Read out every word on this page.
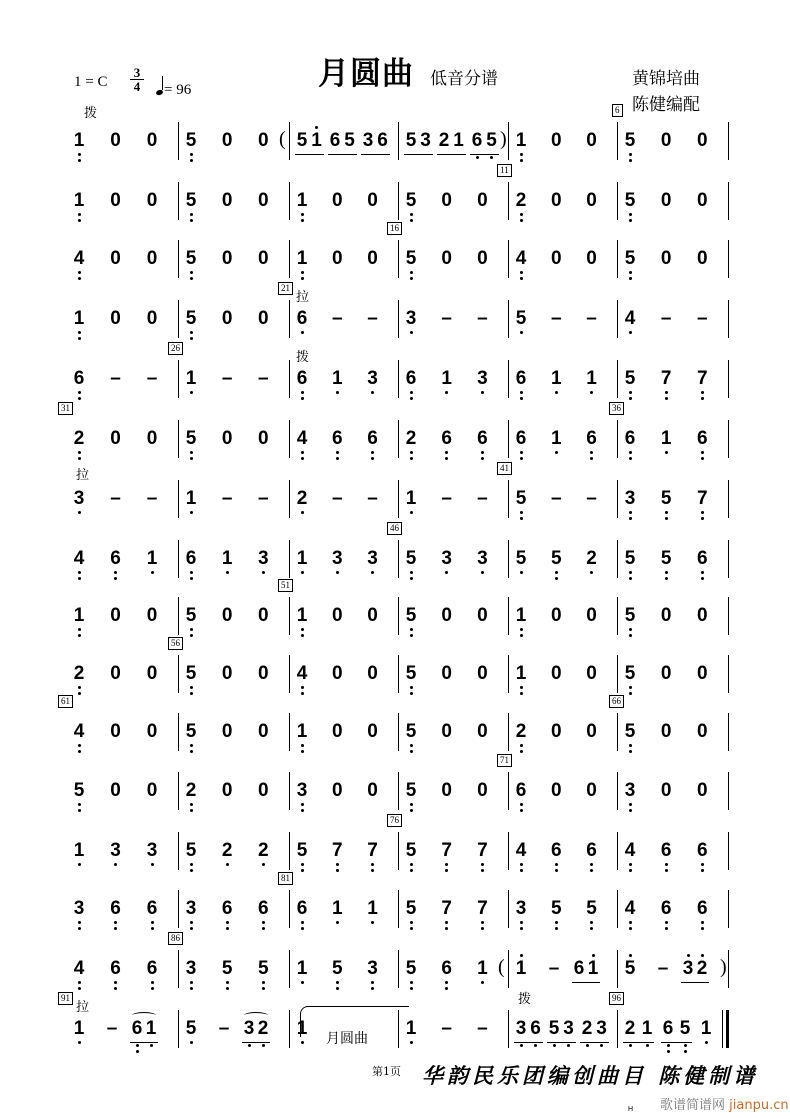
1 = C
3
4	= 96	月圆曲 低音分谱	黄锦培曲
陈健编配
1 0 0 5 0 0 ( 5 1 6 5 3 6 5 3 2 1 6 5 ) 1 0 0 5 0 0
6
拨
1 0 0 5 0 0 1 0 0 5 0 0 2 0 0 5 0 0
11
4 0 0 5 0 0 1 0 0 5 0 0 4 0 0 5 0 0
16
1 0 0 5 0 0 6 – – 3 – – 5 – – 4 – –
21
拉
6 – – 1 – – 6 1 3 6 1 3 6 1 1 5 7 7
26
拨
2 0 0 5 0 0 4 6 6 2 6 6 6 1 6 6 1 6
31	36
3 – – 1 – – 2 – – 1 – – 5 – – 3 5 7
41
拉
4 6 1 6 1 3 1 3 3 5 3 3 5 5 2 5 5 6
46
1 0 0 5 0 0 1 0 0 5 0 0 1 0 0 5 0 0
51
2 0 0 5 0 0 4 0 0 5 0 0 1 0 0 5 0 0
56
4 0 0 5 0 0 1 0 0 5 0 0 2 0 0 5 0 0
61	66
5 0 0 2 0 0 3 0 0 5 0 0 6 0 0 3 0 0
71
1 3 3 5 2 2 5 7 7 5 7 7 4 6 6 4 6 6
76
3 6 6 3 6 6 6 1 1 5 7 7 3 5 5 4 6 6
81
4 6 6 3 5 5 1 5 3 5 6 1 ( 1 – 6 1 5 – 3 2 )
86
1 – 6 1 5 – 3 2 1	1 – – 3 6 5 3 2 3 2 1 6 5 1
91	96
拉
拨
月圆曲
第1页 华韵民乐团编创曲目 陈健制谱
歌谱简谱网 jianpu.cn
H
